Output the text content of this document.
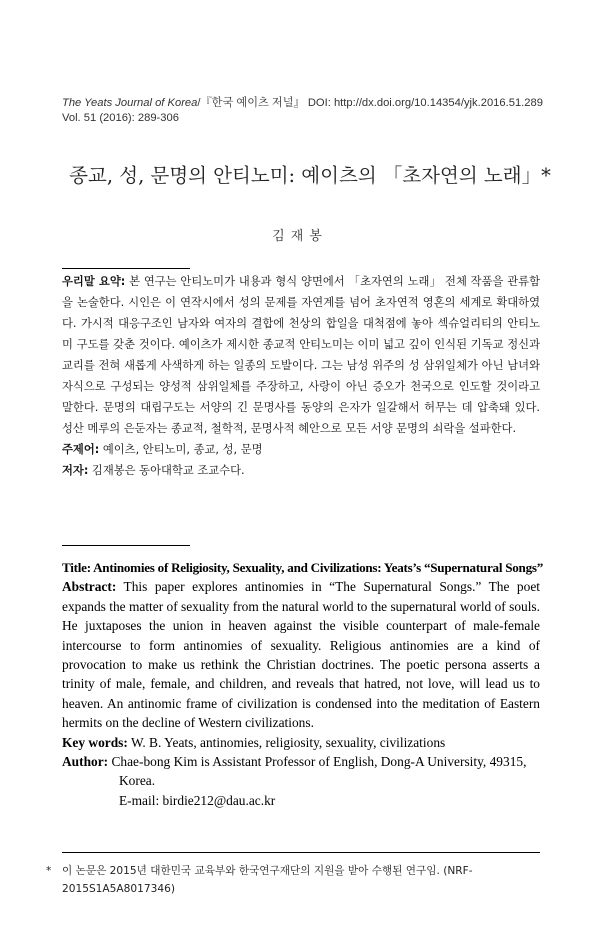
The Yeats Journal of Korea/『한국 예이츠 저널』 DOI: http://dx.doi.org/10.14354/yjk.2016.51.289
Vol. 51 (2016): 289-306
종교, 성, 문명의 안티노미: 예이츠의 「초자연의 노래」*
김재봉

우리말 요약: 본 연구는 안티노미가 내용과 형식 양면에서 「초자연의 노래」 전체 작품을 관류함을 논술한다. 시인은 이 연작시에서 성의 문제를 자연계를 넘어 초자연적 영혼의 세계로 확대하였다. 가시적 대응구조인 남자와 여자의 결합에 천상의 합일을 대척점에 놓아 섹슈얼리티의 안티노미 구도를 갖춘 것이다. 예이츠가 제시한 종교적 안티노미는 이미 넓고 깊이 인식된 기독교 정신과 교리를 전혀 새롭게 사색하게 하는 일종의 도발이다. 그는 남성 위주의 성 삼위일체가 아닌 남녀와 자식으로 구성되는 양성적 삼위일체를 주장하고, 사랑이 아닌 증오가 천국으로 인도할 것이라고 말한다. 문명의 대립구도는 서양의 긴 문명사를 동양의 은자가 일갈해서 허무는 데 압축돼 있다. 성산 메루의 은둔자는 종교적, 철학적, 문명사적 혜안으로 모든 서양 문명의 쇠락을 설파한다.

주제어: 예이츠, 안티노미, 종교, 성, 문명

저자: 김재봉은 동아대학교 조교수다.

Title: Antinomies of Religiosity, Sexuality, and Civilizations: Yeats’s “Supernatural Songs”

Abstract: This paper explores antinomies in “The Supernatural Songs.” The poet expands the matter of sexuality from the natural world to the supernatural world of souls. He juxtaposes the union in heaven against the visible counterpart of male-female intercourse to form antinomies of sexuality. Religious antinomies are a kind of provocation to make us rethink the Christian doctrines. The poetic persona asserts a trinity of male, female, and children, and reveals that hatred, not love, will lead us to heaven. An antinomic frame of civilization is condensed into the meditation of Eastern hermits on the decline of Western civilizations.

Key words: W. B. Yeats, antinomies, religiosity, sexuality, civilizations

Author: Chae-bong Kim is Assistant Professor of English, Dong-A University, 49315,

Korea.

E-mail: birdie212@dau.ac.kr

* 이 논문은 2015년 대한민국 교육부와 한국연구재단의 지원을 받아 수행된 연구임. (NRF-2015S1A5A8017346)
